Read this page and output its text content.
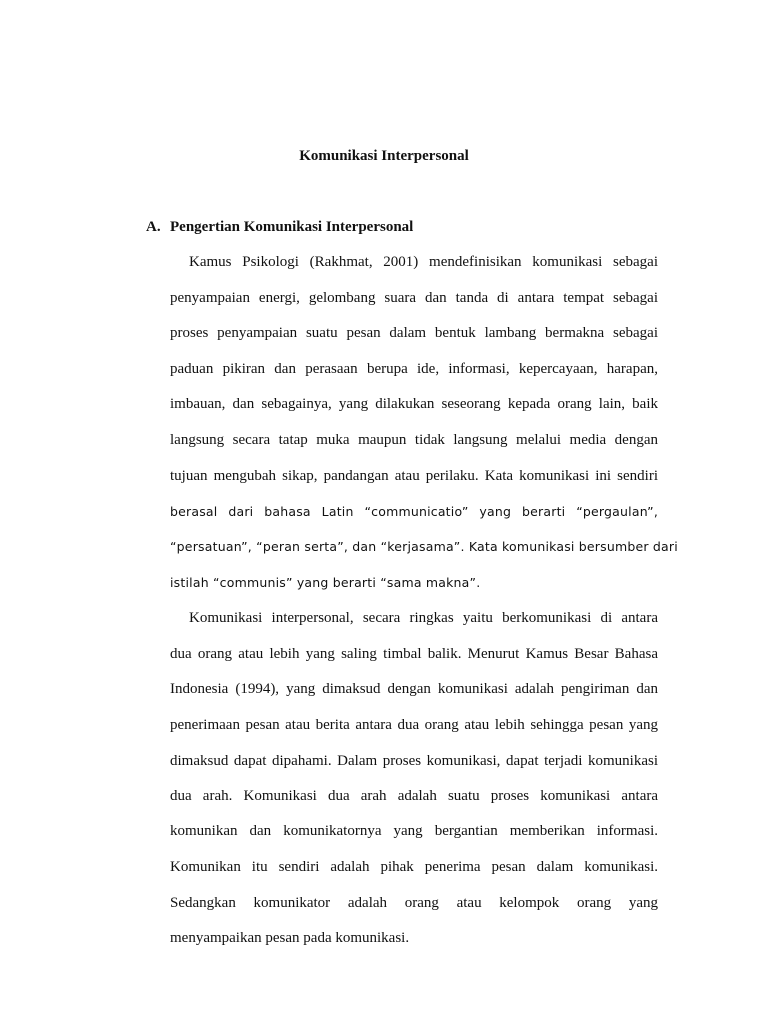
Komunikasi Interpersonal
A. Pengertian Komunikasi Interpersonal
Kamus Psikologi (Rakhmat, 2001) mendefinisikan komunikasi sebagai
penyampaian energi, gelombang suara dan tanda di antara tempat sebagai
proses penyampaian suatu pesan dalam bentuk lambang bermakna sebagai
paduan pikiran dan perasaan berupa ide, informasi, kepercayaan, harapan,
imbauan, dan sebagainya, yang dilakukan seseorang kepada orang lain, baik
langsung secara tatap muka maupun tidak langsung melalui media dengan
tujuan mengubah sikap, pandangan atau perilaku. Kata komunikasi ini sendiri
berasal dari bahasa Latin “communicatio” yang berarti “pergaulan”,
“persatuan”, “peran serta”, dan “kerjasama”. Kata komunikasi bersumber dari
istilah “communis” yang berarti “sama makna”.
Komunikasi interpersonal, secara ringkas yaitu berkomunikasi di antara
dua orang atau lebih yang saling timbal balik. Menurut Kamus Besar Bahasa
Indonesia (1994), yang dimaksud dengan komunikasi adalah pengiriman dan
penerimaan pesan atau berita antara dua orang atau lebih sehingga pesan yang
dimaksud dapat dipahami. Dalam proses komunikasi, dapat terjadi komunikasi
dua arah. Komunikasi dua arah adalah suatu proses komunikasi antara
komunikan dan komunikatornya yang bergantian memberikan informasi.
Komunikan itu sendiri adalah pihak penerima pesan dalam komunikasi.
Sedangkan komunikator adalah orang atau kelompok orang yang
menyampaikan pesan pada komunikasi.
